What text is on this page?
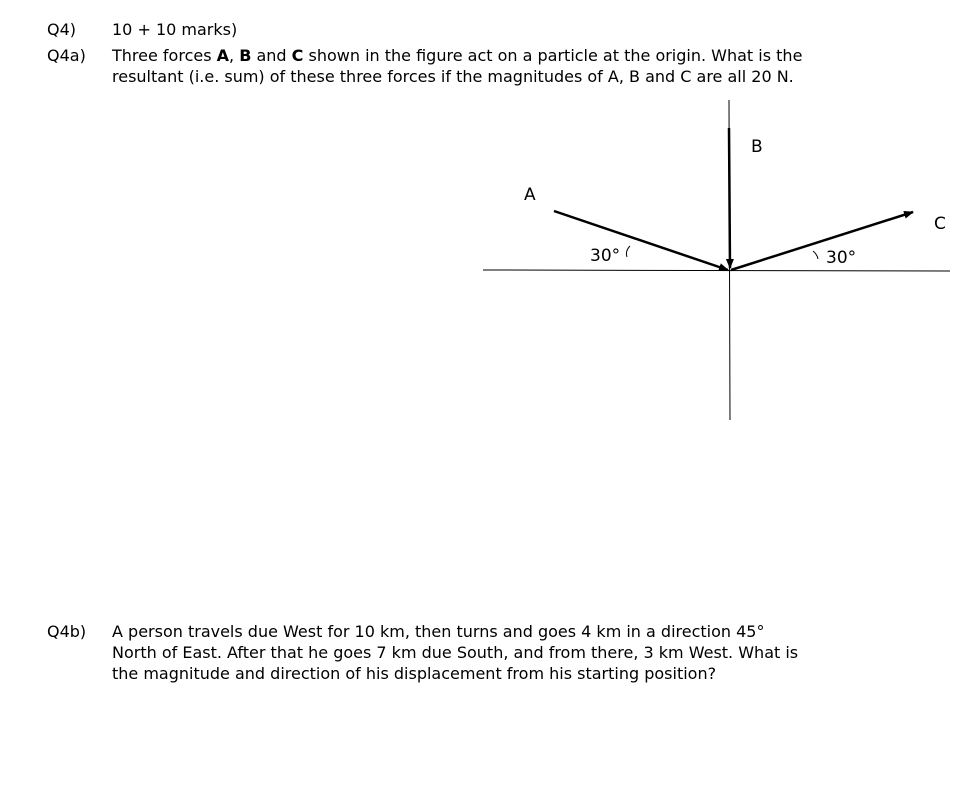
Q4) 10 + 10 marks)
Q4a) Three forces A, B and C shown in the figure act on a particle at the origin. What is the
resultant (i.e. sum) of these three forces if the magnitudes of A, B and C are all 20 N.
A
B
C
30°	30°
Q4b) A person travels due West for 10 km, then turns and goes 4 km in a direction 45°
North of East. After that he goes 7 km due South, and from there, 3 km West. What is
the magnitude and direction of his displacement from his starting position?
